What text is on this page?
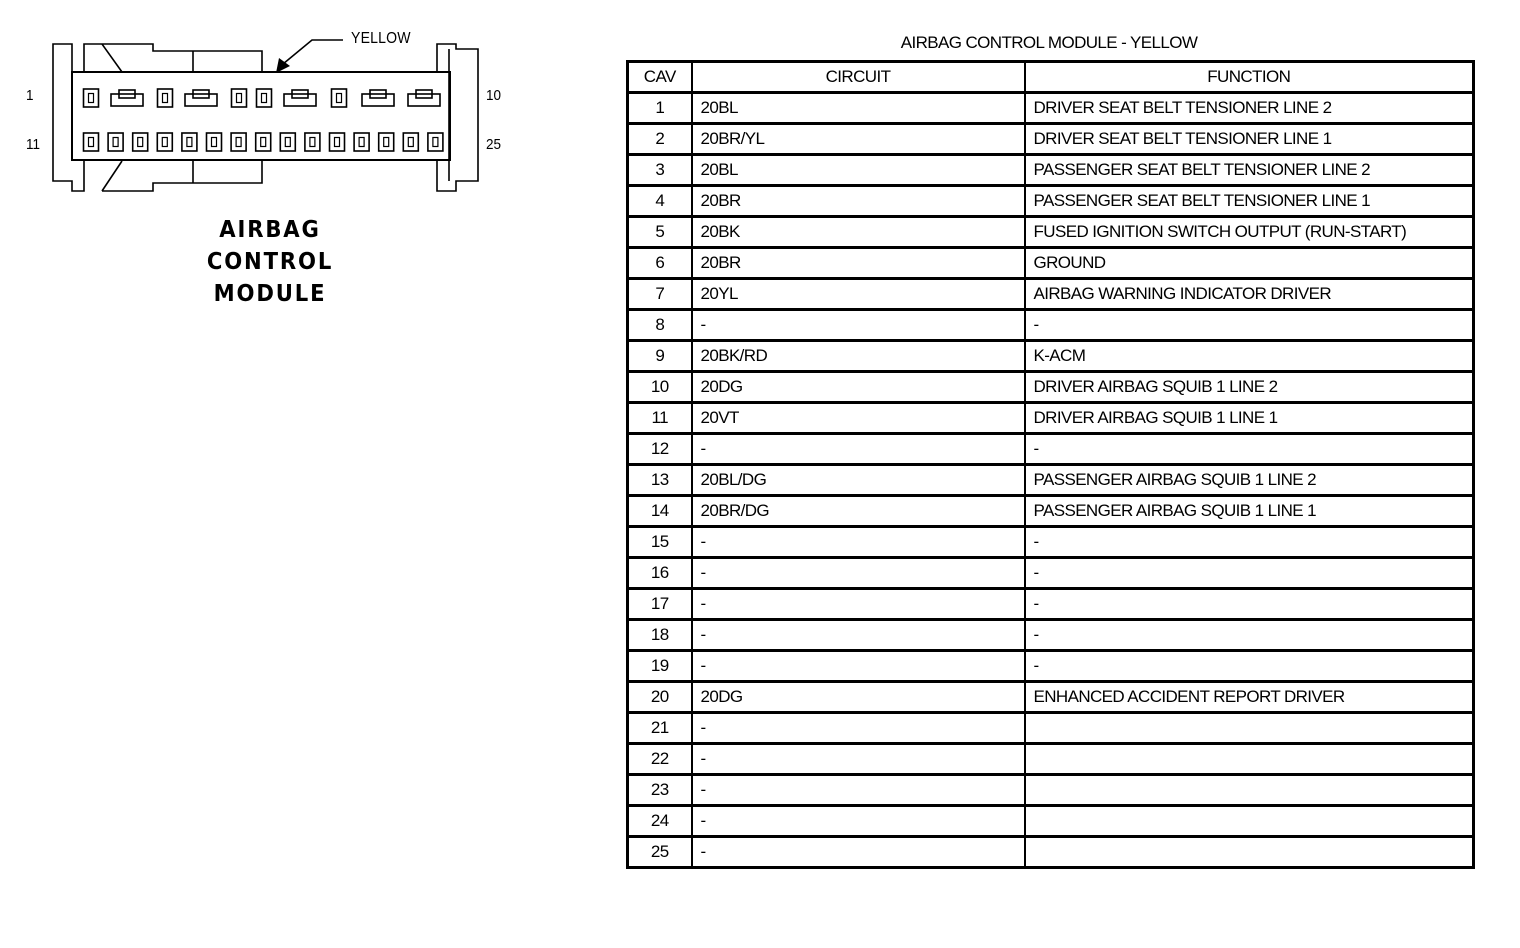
1	10
11	25
YELLOW
AIRBAG
CONTROL
MODULE
AIRBAG CONTROL MODULE - YELLOW
CAV	CIRCUIT	FUNCTION
1	20BL	DRIVER SEAT BELT TENSIONER LINE 2
2	20BR/YL	DRIVER SEAT BELT TENSIONER LINE 1
3	20BL	PASSENGER SEAT BELT TENSIONER LINE 2
4	20BR	PASSENGER SEAT BELT TENSIONER LINE 1
5	20BK	FUSED IGNITION SWITCH OUTPUT (RUN-START)
6	20BR	GROUND
7	20YL	AIRBAG WARNING INDICATOR DRIVER
8	-	-
9	20BK/RD	K-ACM
10	20DG	DRIVER AIRBAG SQUIB 1 LINE 2
11	20VT	DRIVER AIRBAG SQUIB 1 LINE 1
12	-	-
13	20BL/DG	PASSENGER AIRBAG SQUIB 1 LINE 2
14	20BR/DG	PASSENGER AIRBAG SQUIB 1 LINE 1
15	-	-
16	-	-
17	-	-
18	-	-
19	-	-
20	20DG	ENHANCED ACCIDENT REPORT DRIVER
21	-	
22	-	
23	-	
24	-	
25	-	
